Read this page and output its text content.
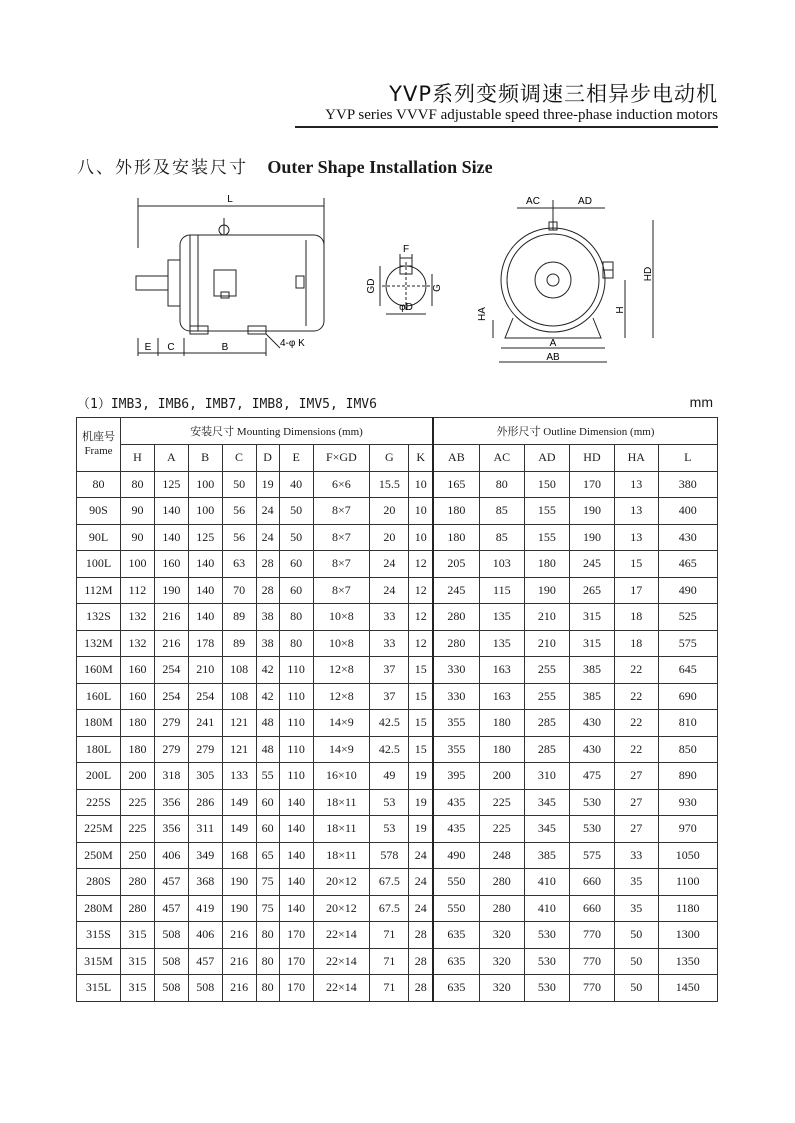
YVP系列变频调速三相异步电动机
YVP series VVVF adjustable speed three-phase induction motors
八、外形及安装尺寸 Outer Shape Installation Size
L
E C	B	4-φ K
F
GD	G
φD
AC	AD
HD
H
HA
A
AB
（1）IMB3, IMB6, IMB7, IMB8, IMV5, IMV6	mm
机座号
Frame	安装尺寸 Mounting Dimensions (mm)									外形尺寸 Outline Dimension (mm)					
	H	A	B	C	D	E	F×GD	G	K	AB	AC	AD	HD	HA	L
80	80	125	100	50	19	40	6×6	15.5	10	165	80	150	170	13	380
90S	90	140	100	56	24	50	8×7	20	10	180	85	155	190	13	400
90L	90	140	125	56	24	50	8×7	20	10	180	85	155	190	13	430
100L	100	160	140	63	28	60	8×7	24	12	205	103	180	245	15	465
112M	112	190	140	70	28	60	8×7	24	12	245	115	190	265	17	490
132S	132	216	140	89	38	80	10×8	33	12	280	135	210	315	18	525
132M	132	216	178	89	38	80	10×8	33	12	280	135	210	315	18	575
160M	160	254	210	108	42	110	12×8	37	15	330	163	255	385	22	645
160L	160	254	254	108	42	110	12×8	37	15	330	163	255	385	22	690
180M	180	279	241	121	48	110	14×9	42.5	15	355	180	285	430	22	810
180L	180	279	279	121	48	110	14×9	42.5	15	355	180	285	430	22	850
200L	200	318	305	133	55	110	16×10	49	19	395	200	310	475	27	890
225S	225	356	286	149	60	140	18×11	53	19	435	225	345	530	27	930
225M	225	356	311	149	60	140	18×11	53	19	435	225	345	530	27	970
250M	250	406	349	168	65	140	18×11	578	24	490	248	385	575	33	1050
280S	280	457	368	190	75	140	20×12	67.5	24	550	280	410	660	35	1100
280M	280	457	419	190	75	140	20×12	67.5	24	550	280	410	660	35	1180
315S	315	508	406	216	80	170	22×14	71	28	635	320	530	770	50	1300
315M	315	508	457	216	80	170	22×14	71	28	635	320	530	770	50	1350
315L	315	508	508	216	80	170	22×14	71	28	635	320	530	770	50	1450
